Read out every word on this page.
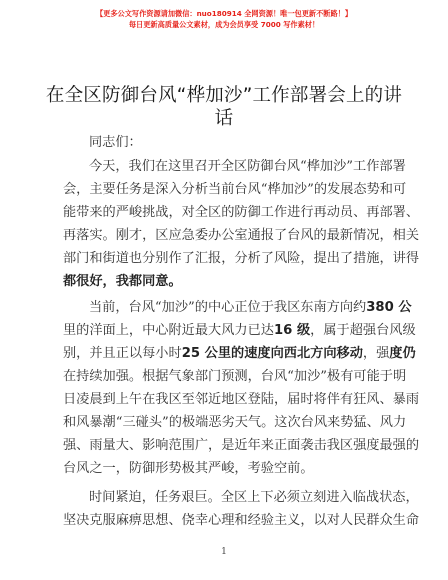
【更多公文写作资源请加微信：nuo180914 全网资源！唯一包更新不断路！】
每日更新高质量公文素材，成为会员享受 7000 写作素材！
在全区防御台风“桦加沙”工作部署会上的讲
话
同志们：
今天，我们在这里召开全区防御台风“桦加沙”工作部署
会，主要任务是深入分析当前台风“桦加沙”的发展态势和可
能带来的严峻挑战，对全区的防御工作进行再动员、再部署、
再落实。刚才，区应急委办公室通报了台风的最新情况，相关
部门和街道也分别作了汇报，分析了风险，提出了措施，讲得
都很好，我都同意。
当前，台风“加沙”的中心正位于我区东南方向约380 公
里的洋面上，中心附近最大风力已达16 级，属于超强台风级
别，并且正以每小时25 公里的速度向西北方向移动，强度仍
在持续加强。根据气象部门预测，台风“加沙”极有可能于明
日凌晨到上午在我区至邻近地区登陆，届时将伴有狂风、暴雨
和风暴潮“三碰头”的极端恶劣天气。这次台风来势猛、风力
强、雨量大、影响范围广，是近年来正面袭击我区强度最强的
台风之一，防御形势极其严峻，考验空前。
时间紧迫，任务艰巨。全区上下必须立刻进入临战状态，
坚决克服麻痹思想、侥幸心理和经验主义，以对人民群众生命
1
